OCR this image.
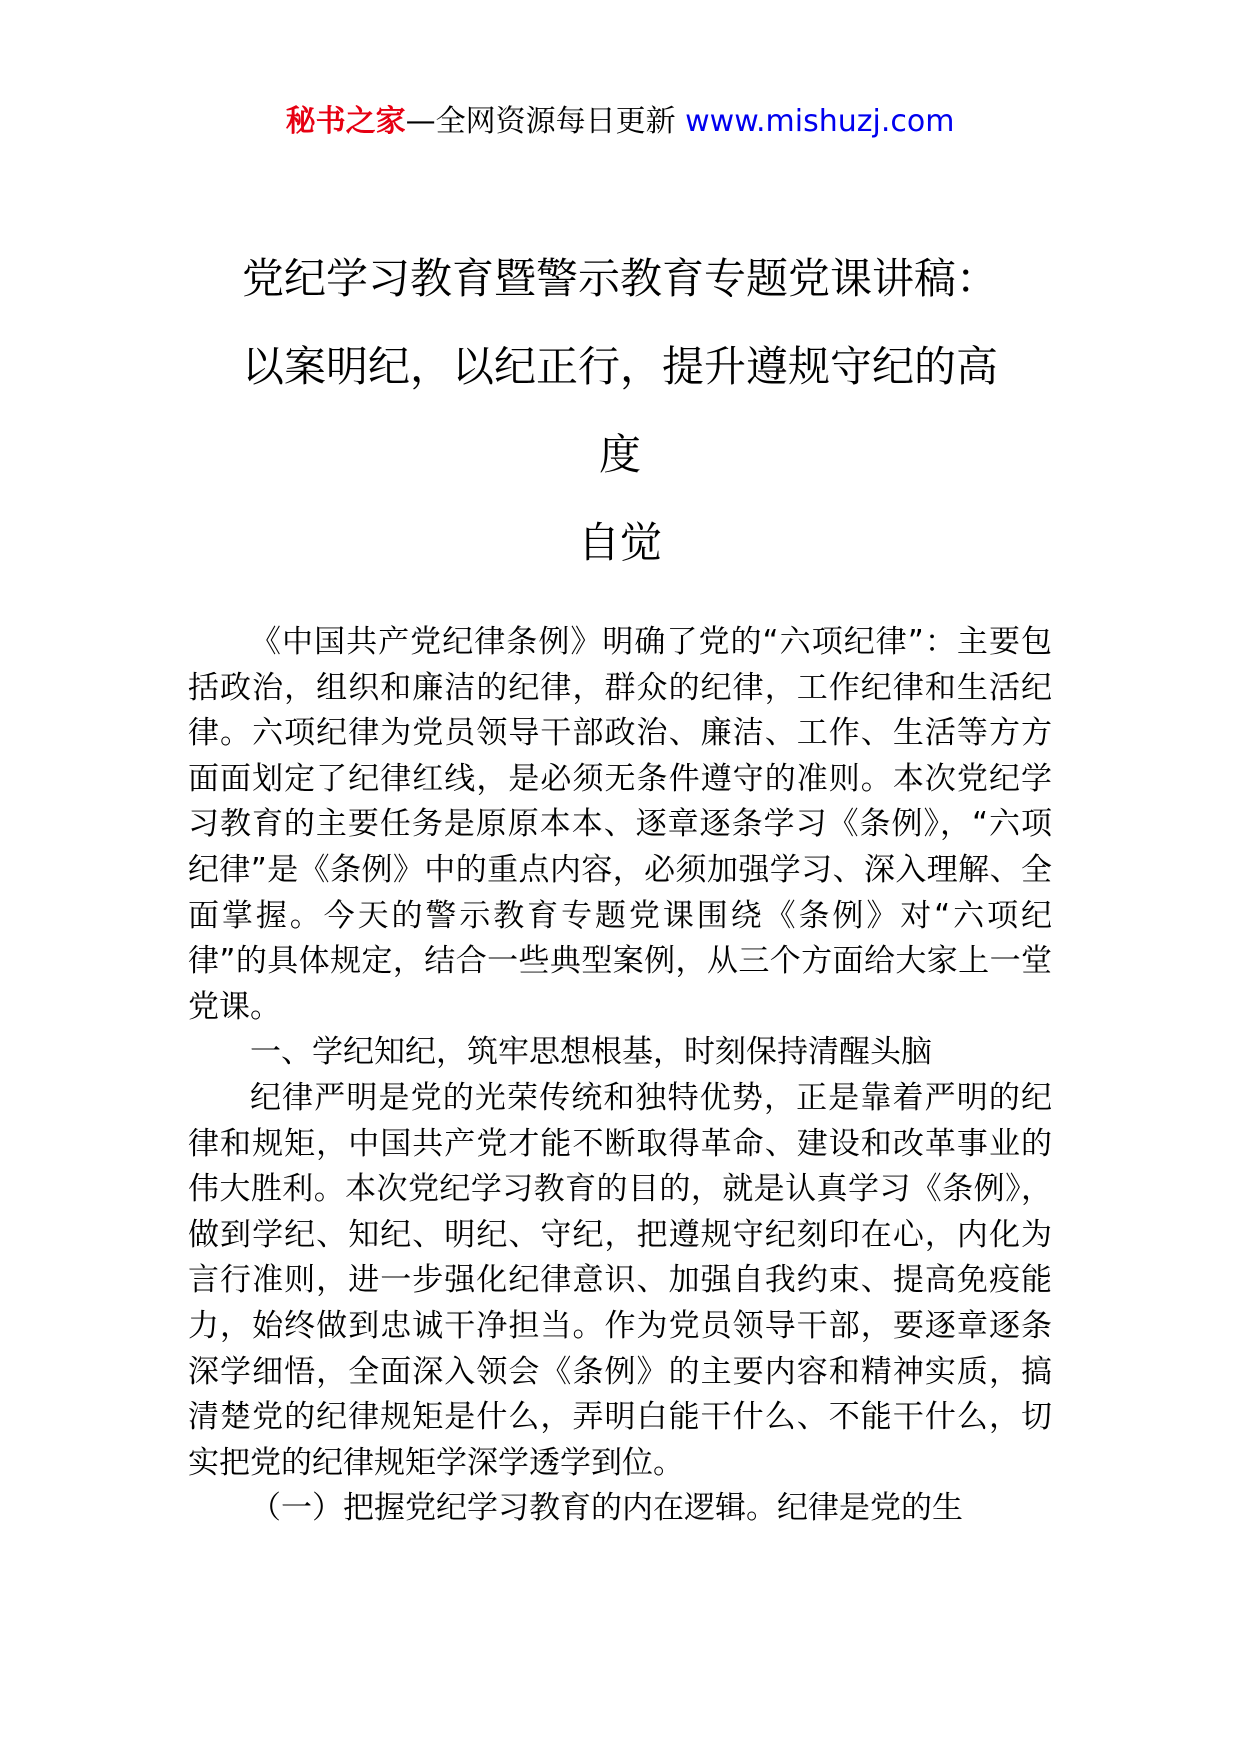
秘书之家—全网资源每日更新 www.mishuzj.com
党纪学习教育暨警示教育专题党课讲稿：
以案明纪，以纪正行，提升遵规守纪的高
度
自觉

《中国共产党纪律条例》明确了党的“六项纪律”：主要包括政治，组织和廉洁的纪律，群众的纪律，工作纪律和生活纪律。六项纪律为党员领导干部政治、廉洁、工作、生活等方方面面划定了纪律红线，是必须无条件遵守的准则。本次党纪学习教育的主要任务是原原本本、逐章逐条学习《条例》，“六项纪律”是《条例》中的重点内容，必须加强学习、深入理解、全面掌握。今天的警示教育专题党课围绕《条例》对“六项纪律”的具体规定，结合一些典型案例，从三个方面给大家上一堂党课。

一、学纪知纪，筑牢思想根基，时刻保持清醒头脑

纪律严明是党的光荣传统和独特优势，正是靠着严明的纪律和规矩，中国共产党才能不断取得革命、建设和改革事业的伟大胜利。本次党纪学习教育的目的，就是认真学习《条例》，做到学纪、知纪、明纪、守纪，把遵规守纪刻印在心，内化为言行准则，进一步强化纪律意识、加强自我约束、提高免疫能力，始终做到忠诚干净担当。作为党员领导干部，要逐章逐条深学细悟，全面深入领会《条例》的主要内容和精神实质，搞清楚党的纪律规矩是什么，弄明白能干什么、不能干什么，切实把党的纪律规矩学深学透学到位。

（一）把握党纪学习教育的内在逻辑。纪律是党的生
